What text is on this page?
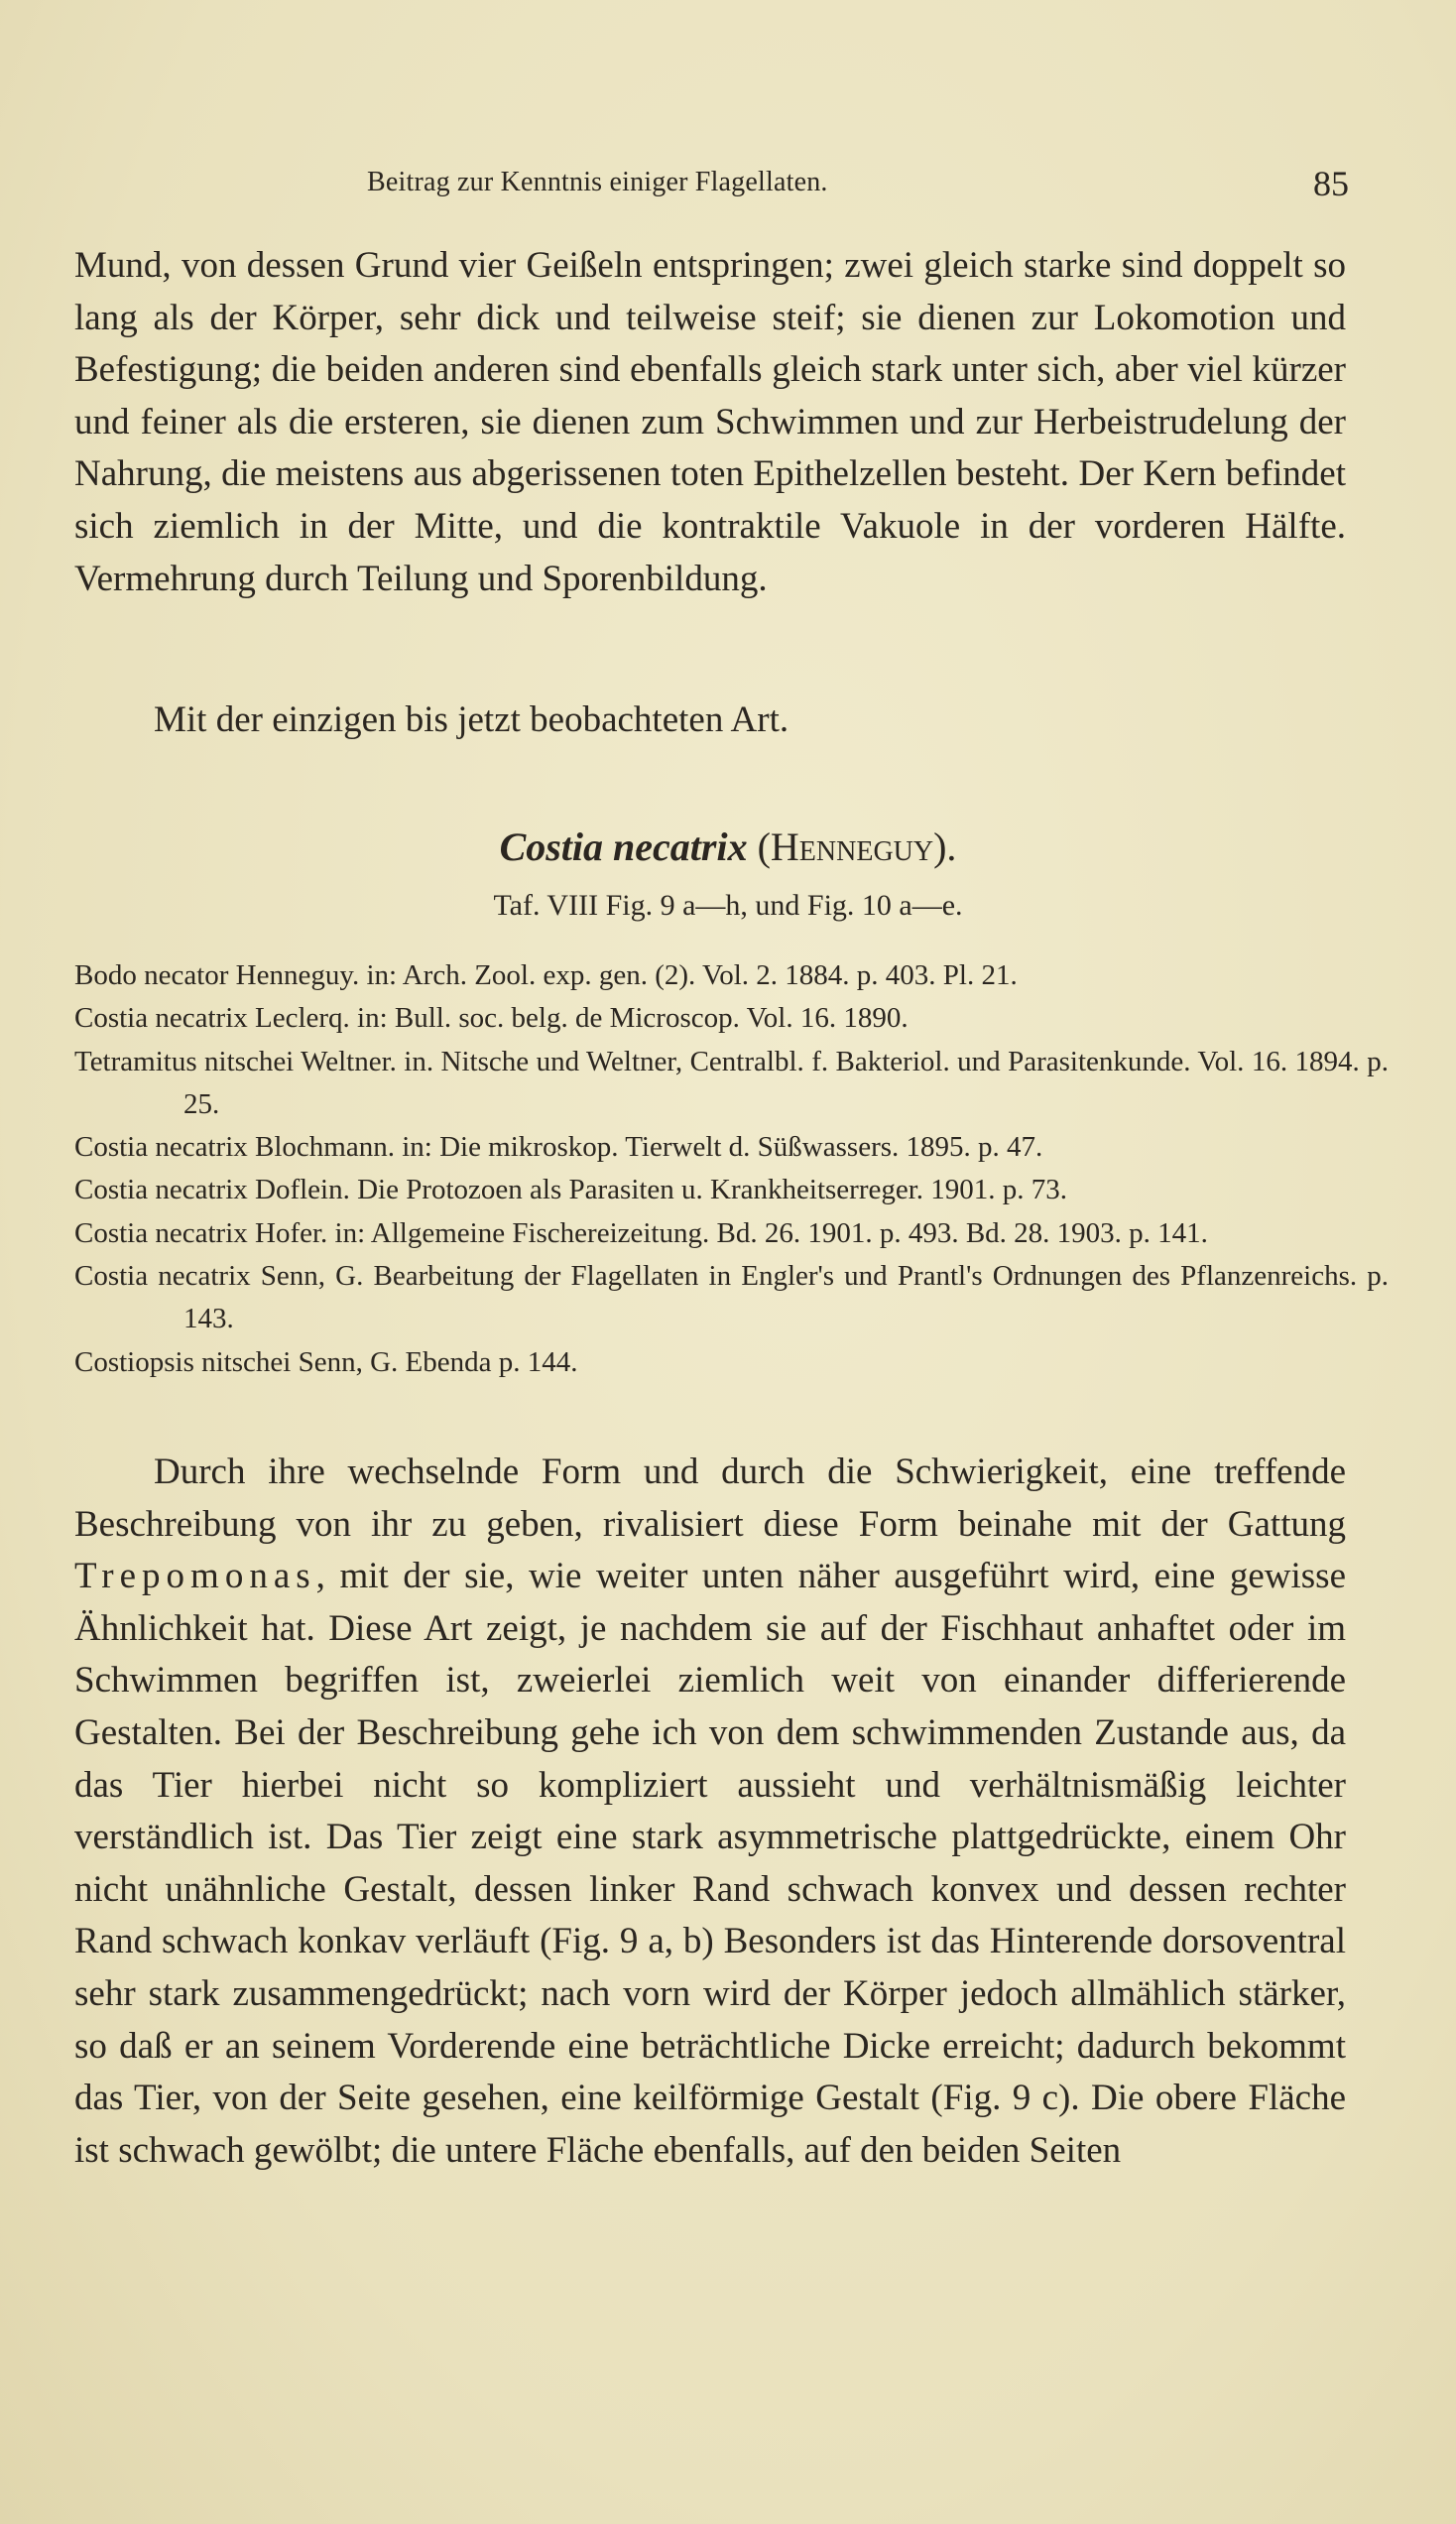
Beitrag zur Kenntnis einiger Flagellaten.	85

Mund, von dessen Grund vier Geißeln entspringen; zwei gleich starke sind doppelt so lang als der Körper, sehr dick und teilweise steif; sie dienen zur Lokomotion und Befestigung; die beiden anderen sind ebenfalls gleich stark unter sich, aber viel kürzer und feiner als die ersteren, sie dienen zum Schwimmen und zur Herbeistrudelung der Nahrung, die meistens aus abgerissenen toten Epithelzellen besteht. Der Kern befindet sich ziemlich in der Mitte, und die kontraktile Vakuole in der vorderen Hälfte. Vermehrung durch Teilung und Sporenbildung.

Mit der einzigen bis jetzt beobachteten Art.

Costia necatrix (Henneguy).
Taf. VIII Fig. 9 a—h, und Fig. 10 a—e.
Bodo necator Henneguy. in: Arch. Zool. exp. gen. (2). Vol. 2. 1884. p. 403. Pl. 21.
Costia necatrix Leclerq. in: Bull. soc. belg. de Microscop. Vol. 16. 1890.
Tetramitus nitschei Weltner. in. Nitsche und Weltner, Centralbl. f. Bakteriol. und Parasitenkunde. Vol. 16. 1894. p. 25.
Costia necatrix Blochmann. in: Die mikroskop. Tierwelt d. Süßwassers. 1895. p. 47.
Costia necatrix Doflein. Die Protozoen als Parasiten u. Krankheitserreger. 1901. p. 73.
Costia necatrix Hofer. in: Allgemeine Fischereizeitung. Bd. 26. 1901. p. 493. Bd. 28. 1903. p. 141.
Costia necatrix Senn, G. Bearbeitung der Flagellaten in Engler's und Prantl's Ordnungen des Pflanzenreichs. p. 143.
Costiopsis nitschei Senn, G. Ebenda p. 144.

Durch ihre wechselnde Form und durch die Schwierigkeit, eine treffende Beschreibung von ihr zu geben, rivalisiert diese Form beinahe mit der Gattung Trepomonas, mit der sie, wie weiter unten näher ausgeführt wird, eine gewisse Ähnlichkeit hat. Diese Art zeigt, je nachdem sie auf der Fischhaut anhaftet oder im Schwimmen begriffen ist, zweierlei ziemlich weit von einander differierende Gestalten. Bei der Beschreibung gehe ich von dem schwimmenden Zustande aus, da das Tier hierbei nicht so kompliziert aussieht und verhältnismäßig leichter verständlich ist. Das Tier zeigt eine stark asymmetrische plattgedrückte, einem Ohr nicht unähnliche Gestalt, dessen linker Rand schwach konvex und dessen rechter Rand schwach konkav verläuft (Fig. 9 a, b) Besonders ist das Hinterende dorsoventral sehr stark zusammengedrückt; nach vorn wird der Körper jedoch allmählich stärker, so daß er an seinem Vorderende eine beträchtliche Dicke erreicht; dadurch bekommt das Tier, von der Seite gesehen, eine keilförmige Gestalt (Fig. 9 c). Die obere Fläche ist schwach gewölbt; die untere Fläche ebenfalls, auf den beiden Seiten
